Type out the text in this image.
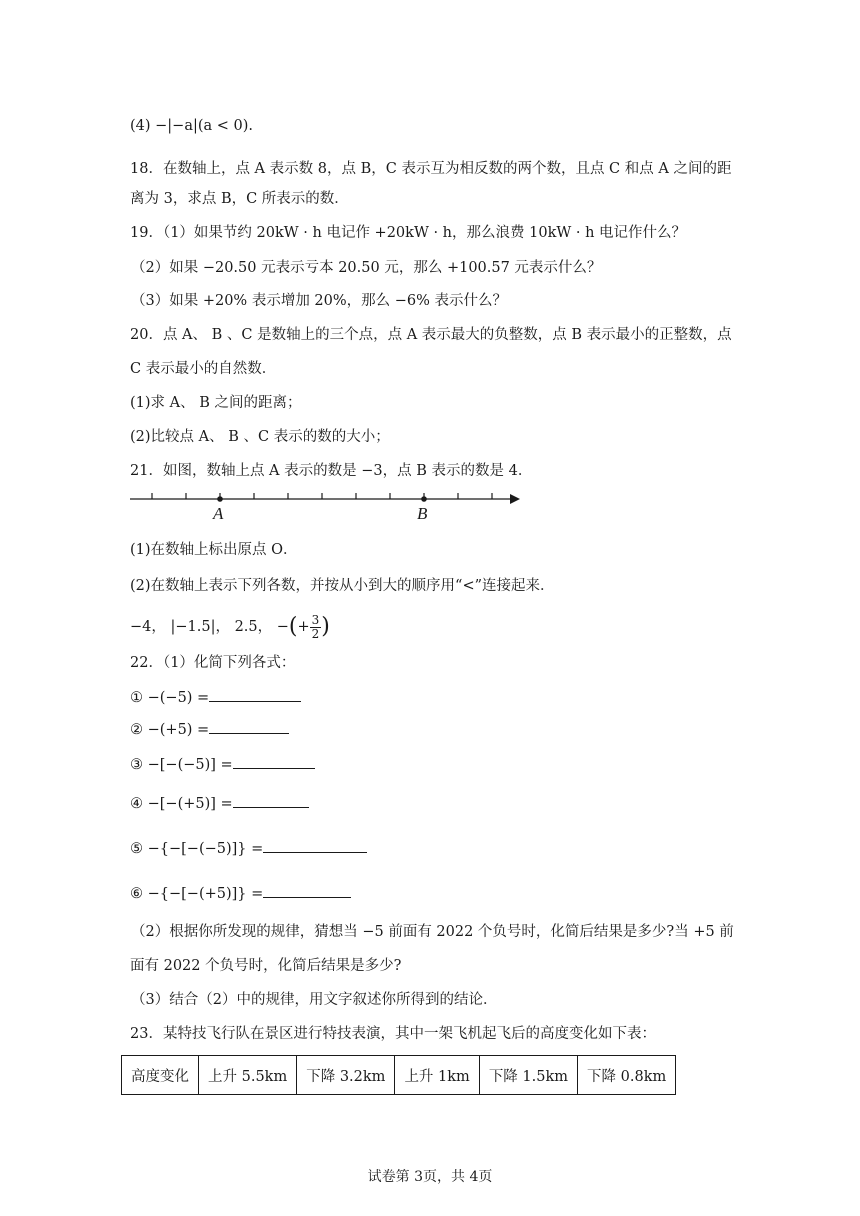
(4) −|−a|(a < 0).
18．在数轴上，点 A 表示数 8，点 B，C 表示互为相反数的两个数，且点 C 和点 A 之间的距
离为 3，求点 B，C 所表示的数．
19．（1）如果节约 20kW · h 电记作 +20kW · h，那么浪费 10kW · h 电记作什么？
（2）如果 −20.50 元表示亏本 20.50 元，那么 +100.57 元表示什么？
（3）如果 +20% 表示增加 20%，那么 −6% 表示什么？
20．点 A、 B 、C 是数轴上的三个点，点 A 表示最大的负整数，点 B 表示最小的正整数，点
C 表示最小的自然数．
(1)求 A、 B 之间的距离；
(2)比较点 A、 B 、C 表示的数的大小；
21．如图，数轴上点 A 表示的数是 −3，点 B 表示的数是 4．
A	B
(1)在数轴上标出原点 O．
(2)在数轴上表示下列各数，并按从小到大的顺序用“<”连接起来．
−4， |−1.5|， 2.5， −(+ $\frac{3}{2}$ )
22．（1）化简下列各式：
① −(−5) =
② −(+5) =
③ −[−(−5)] =
④ −[−(+5)] =
⑤ −{−[−(−5)]} =
⑥ −{−[−(+5)]} =
（2）根据你所发现的规律，猜想当 −5 前面有 2022 个负号时，化简后结果是多少?当 +5 前
面有 2022 个负号时，化简后结果是多少?
（3）结合（2）中的规律，用文字叙述你所得到的结论．
23．某特技飞行队在景区进行特技表演，其中一架飞机起飞后的高度变化如下表：
高度变化	上升 5.5km	下降 3.2km	上升 1km	下降 1.5km	下降 0.8km
试卷第 3页，共 4页
